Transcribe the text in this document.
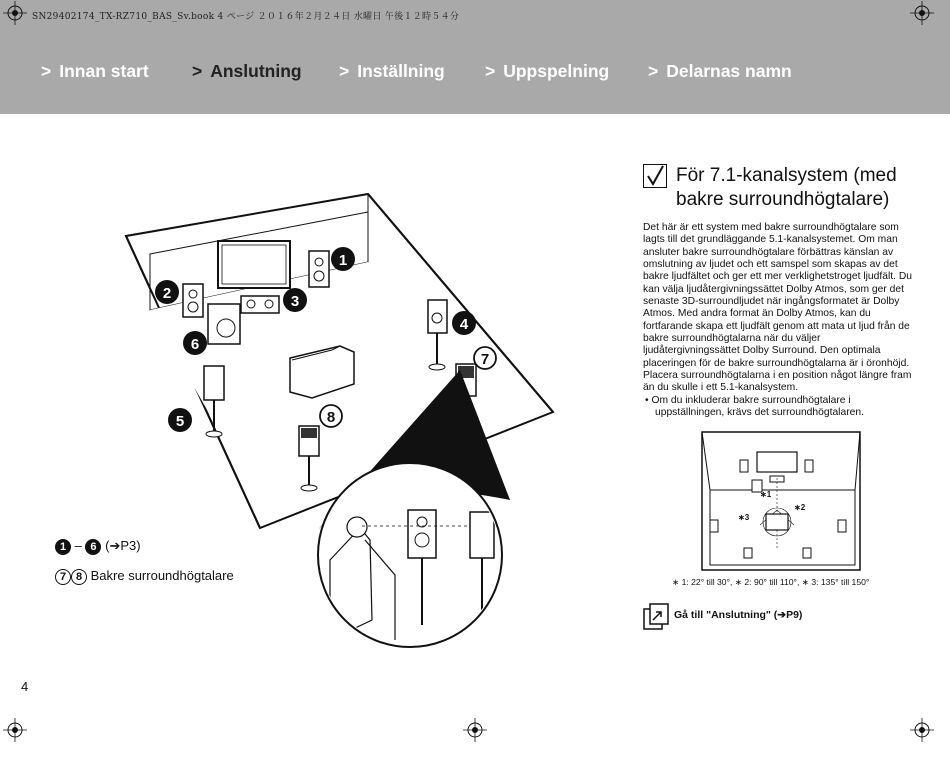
SN29402174_TX-RZ710_BAS_Sv.book 4 ページ ２０１６年２月２４日 水曜日 午後１２時５４分
> Innan start > Anslutning > Inställning > Uppspelning > Delarnas namn
1
2	3
4
5
6
7
8
1 – 6 (➔P3)
7 8 Bakre surroundhögtalare
För 7.1-kanalsystem (med
bakre surroundhögtalare)

Det här är ett system med bakre surroundhögtalare som lagts till det grundläggande 5.1-kanalsystemet. Om man ansluter bakre surroundhögtalare förbättras känslan av omslutning av ljudet och ett samspel som skapas av det bakre ljudfältet och ger ett mer verklighetstroget ljudfält. Du kan välja ljudåtergivningssättet Dolby Atmos, som ger det senaste 3D-surroundljudet när ingångsformatet är Dolby Atmos. Med andra format än Dolby Atmos, kan du fortfarande skapa ett ljudfält genom att mata ut ljud från de bakre surroundhögtalarna när du väljer ljudåtergivningssättet Dolby Surround. Den optimala placeringen för de bakre surroundhögtalarna är i öronhöjd. Placera surroundhögtalarna i en position något längre fram än du skulle i ett 5.1-kanalsystem.

• Om du inkluderar bakre surroundhögtalare i uppställningen, krävs det surroundhögtalaren.
∗1
∗2
∗3
∗ 1: 22° till 30°, ∗ 2: 90° till 110°, ∗ 3: 135° till 150°
Gå till "Anslutning" (➔P9)
4
